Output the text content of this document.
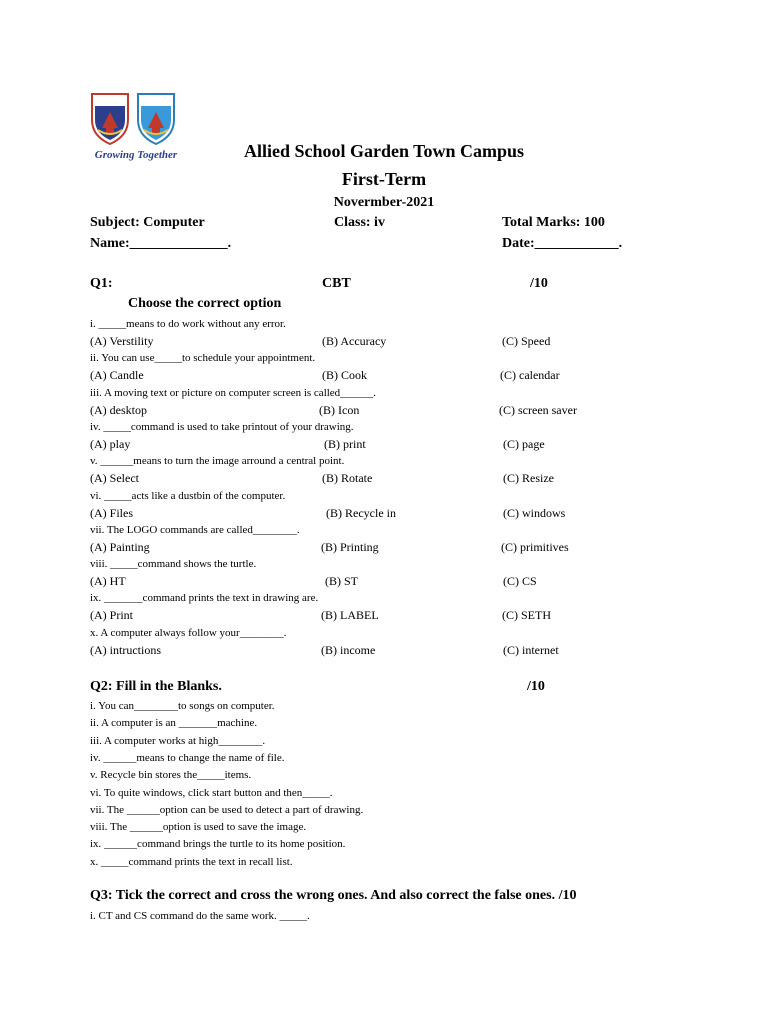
Growing Together	Allied School Garden Town Campus
First-Term
Novermber-2021
Subject: Computer	Class: iv	Total Marks: 100
Name:______________.	Date:____________.
Q1:	CBT	/10
Choose the correct option
i. _____means to do work without any error.
(A) Verstility	(B) Accuracy	(C) Speed
ii. You can use_____to schedule your appointment.
(A) Candle	(B) Cook	(C) calendar
iii. A moving text or picture on computer screen is called______.
(A) desktop	(B) Icon	(C) screen saver
iv. _____command is used to take printout of your drawing.
(A) play	(B) print	(C) page
v. ______means to turn the image arround a central point.
(A) Select	(B) Rotate	(C) Resize
vi. _____acts like a dustbin of the computer.
(A) Files	(B) Recycle in	(C) windows
vii. The LOGO commands are called________.
(A) Painting	(B) Printing	(C) primitives
viii. _____command shows the turtle.
(A) HT	(B) ST	(C) CS
ix. _______command prints the text in drawing are.
(A) Print	(B) LABEL	(C) SETH
x. A computer always follow your________.
(A) intructions	(B) income	(C) internet
Q2: Fill in the Blanks.	/10
i. You can________to songs on computer.
ii. A computer is an _______machine.
iii. A computer works at high________.
iv. ______means to change the name of file.
v. Recycle bin stores the_____items.
vi. To quite windows, click start button and then_____.
vii. The ______option can be used to detect a part of drawing.
viii. The ______option is used to save the image.
ix. ______command brings the turtle to its home position.
x. _____command prints the text in recall list.
Q3: Tick the correct and cross the wrong ones. And also correct the false ones. /10
i. CT and CS command do the same work. _____.
